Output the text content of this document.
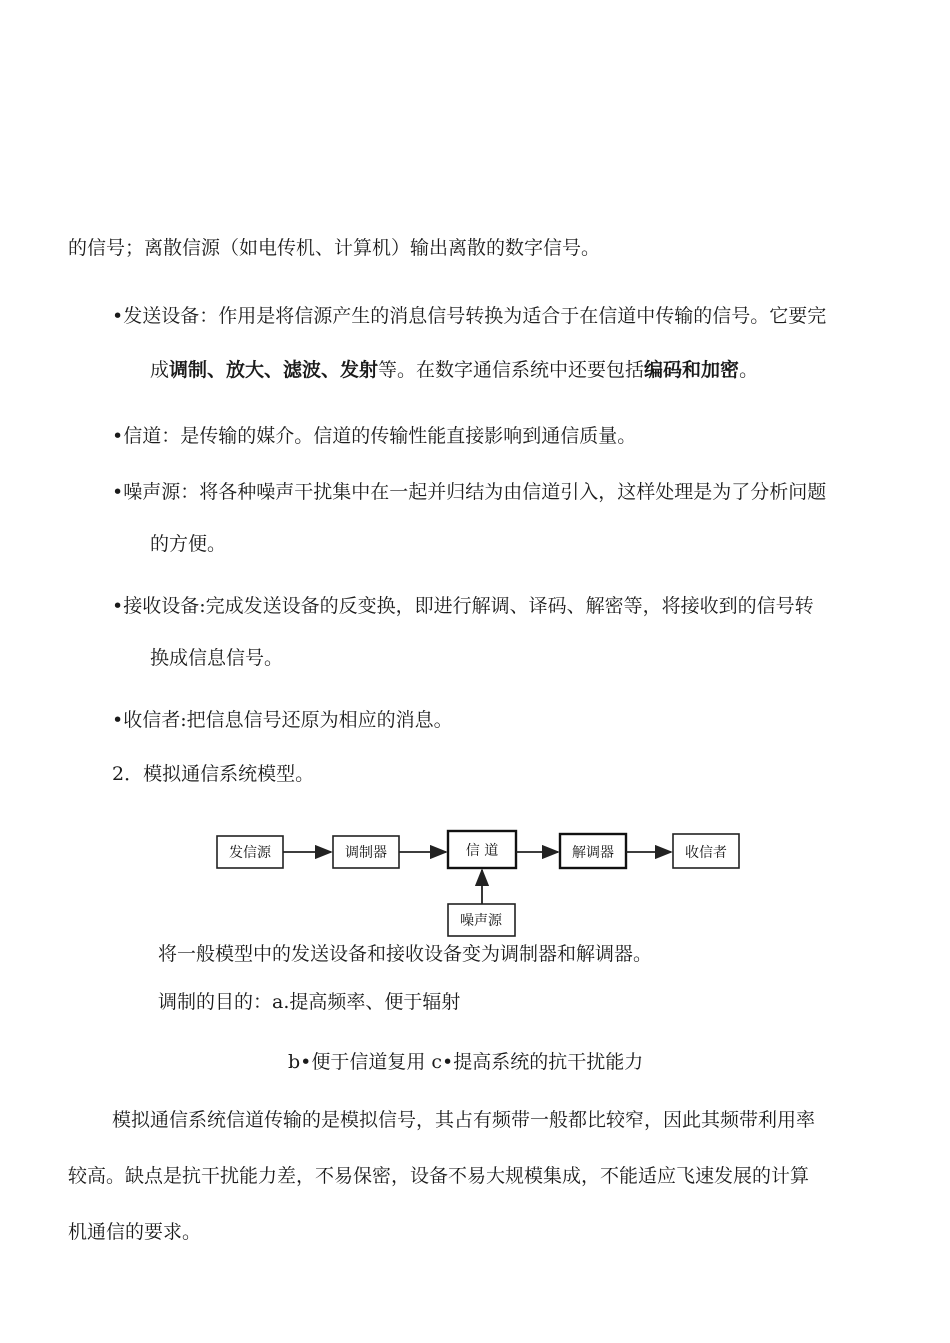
的信号；离散信源（如电传机、计算机）输出离散的数字信号。
•发送设备：作用是将信源产生的消息信号转换为适合于在信道中传输的信号。它要完
成调制、放大、滤波、发射等。在数字通信系统中还要包括编码和加密。
•信道：是传输的媒介。信道的传输性能直接影响到通信质量。
•噪声源：将各种噪声干扰集中在一起并归结为由信道引入，这样处理是为了分析问题
的方便。
•接收设备:完成发送设备的反变换，即进行解调、译码、解密等，将接收到的信号转
换成信息信号。
•收信者:把信息信号还原为相应的消息。
2．模拟通信系统模型。
发信源	调制器	信 道	解调器	收信者
噪声源
将一般模型中的发送设备和接收设备变为调制器和解调器。
调制的目的：a.提高频率、便于辐射
b•便于信道复用 c•提高系统的抗干扰能力
模拟通信系统信道传输的是模拟信号，其占有频带一般都比较窄，因此其频带利用率
较高。缺点是抗干扰能力差，不易保密，设备不易大规模集成，不能适应飞速发展的计算
机通信的要求。
